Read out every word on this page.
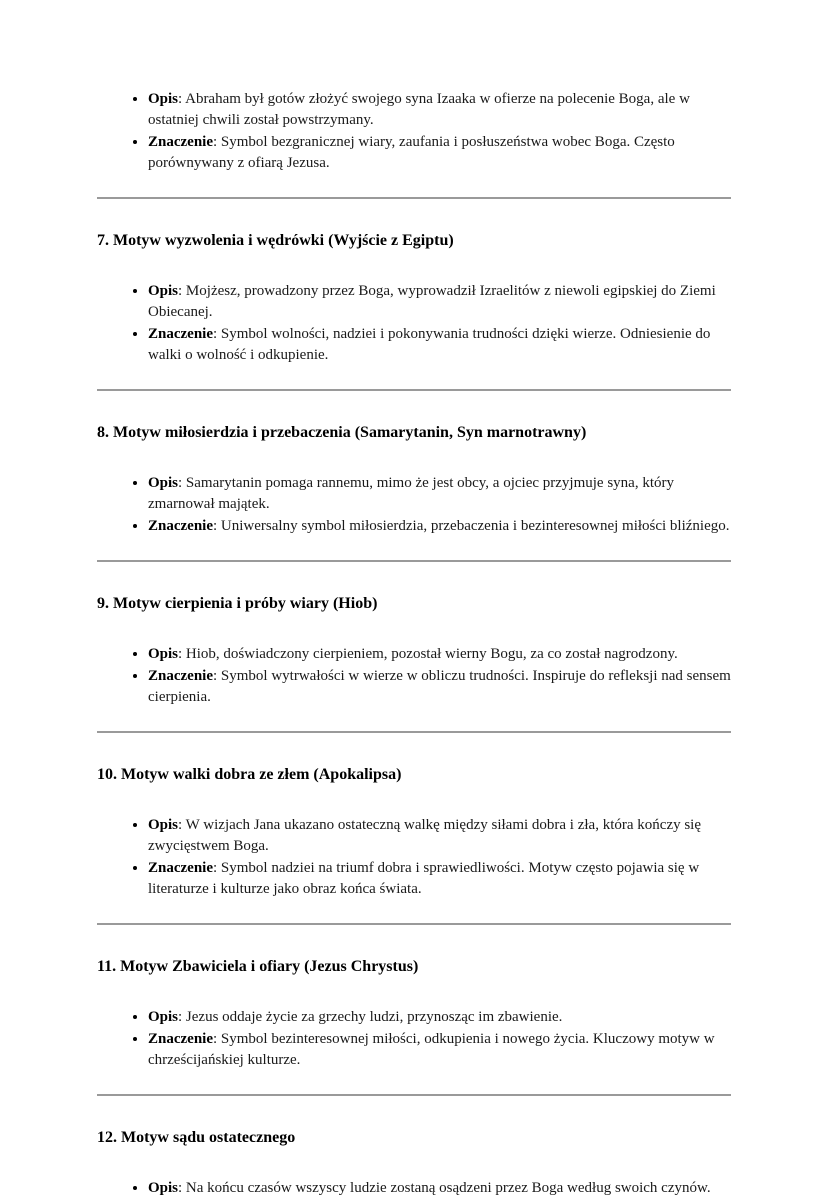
• Opis: Abraham był gotów złożyć swojego syna Izaaka w ofierze na polecenie Boga, ale w ostatniej chwili został powstrzymany.
• Znaczenie: Symbol bezgranicznej wiary, zaufania i posłuszeństwa wobec Boga. Często porównywany z ofiarą Jezusa.
7. Motyw wyzwolenia i wędrówki (Wyjście z Egiptu)
• Opis: Mojżesz, prowadzony przez Boga, wyprowadził Izraelitów z niewoli egipskiej do Ziemi Obiecanej.
• Znaczenie: Symbol wolności, nadziei i pokonywania trudności dzięki wierze. Odniesienie do walki o wolność i odkupienie.
8. Motyw miłosierdzia i przebaczenia (Samarytanin, Syn marnotrawny)
• Opis: Samarytanin pomaga rannemu, mimo że jest obcy, a ojciec przyjmuje syna, który zmarnował majątek.
• Znaczenie: Uniwersalny symbol miłosierdzia, przebaczenia i bezinteresownej miłości bliźniego.
9. Motyw cierpienia i próby wiary (Hiob)
• Opis: Hiob, doświadczony cierpieniem, pozostał wierny Bogu, za co został nagrodzony.
• Znaczenie: Symbol wytrwałości w wierze w obliczu trudności. Inspiruje do refleksji nad sensem cierpienia.
10. Motyw walki dobra ze złem (Apokalipsa)
• Opis: W wizjach Jana ukazano ostateczną walkę między siłami dobra i zła, która kończy się zwycięstwem Boga.
• Znaczenie: Symbol nadziei na triumf dobra i sprawiedliwości. Motyw często pojawia się w literaturze i kulturze jako obraz końca świata.
11. Motyw Zbawiciela i ofiary (Jezus Chrystus)
• Opis: Jezus oddaje życie za grzechy ludzi, przynosząc im zbawienie.
• Znaczenie: Symbol bezinteresownej miłości, odkupienia i nowego życia. Kluczowy motyw w chrześcijańskiej kulturze.
12. Motyw sądu ostatecznego
• Opis: Na końcu czasów wszyscy ludzie zostaną osądzeni przez Boga według swoich czynów.
